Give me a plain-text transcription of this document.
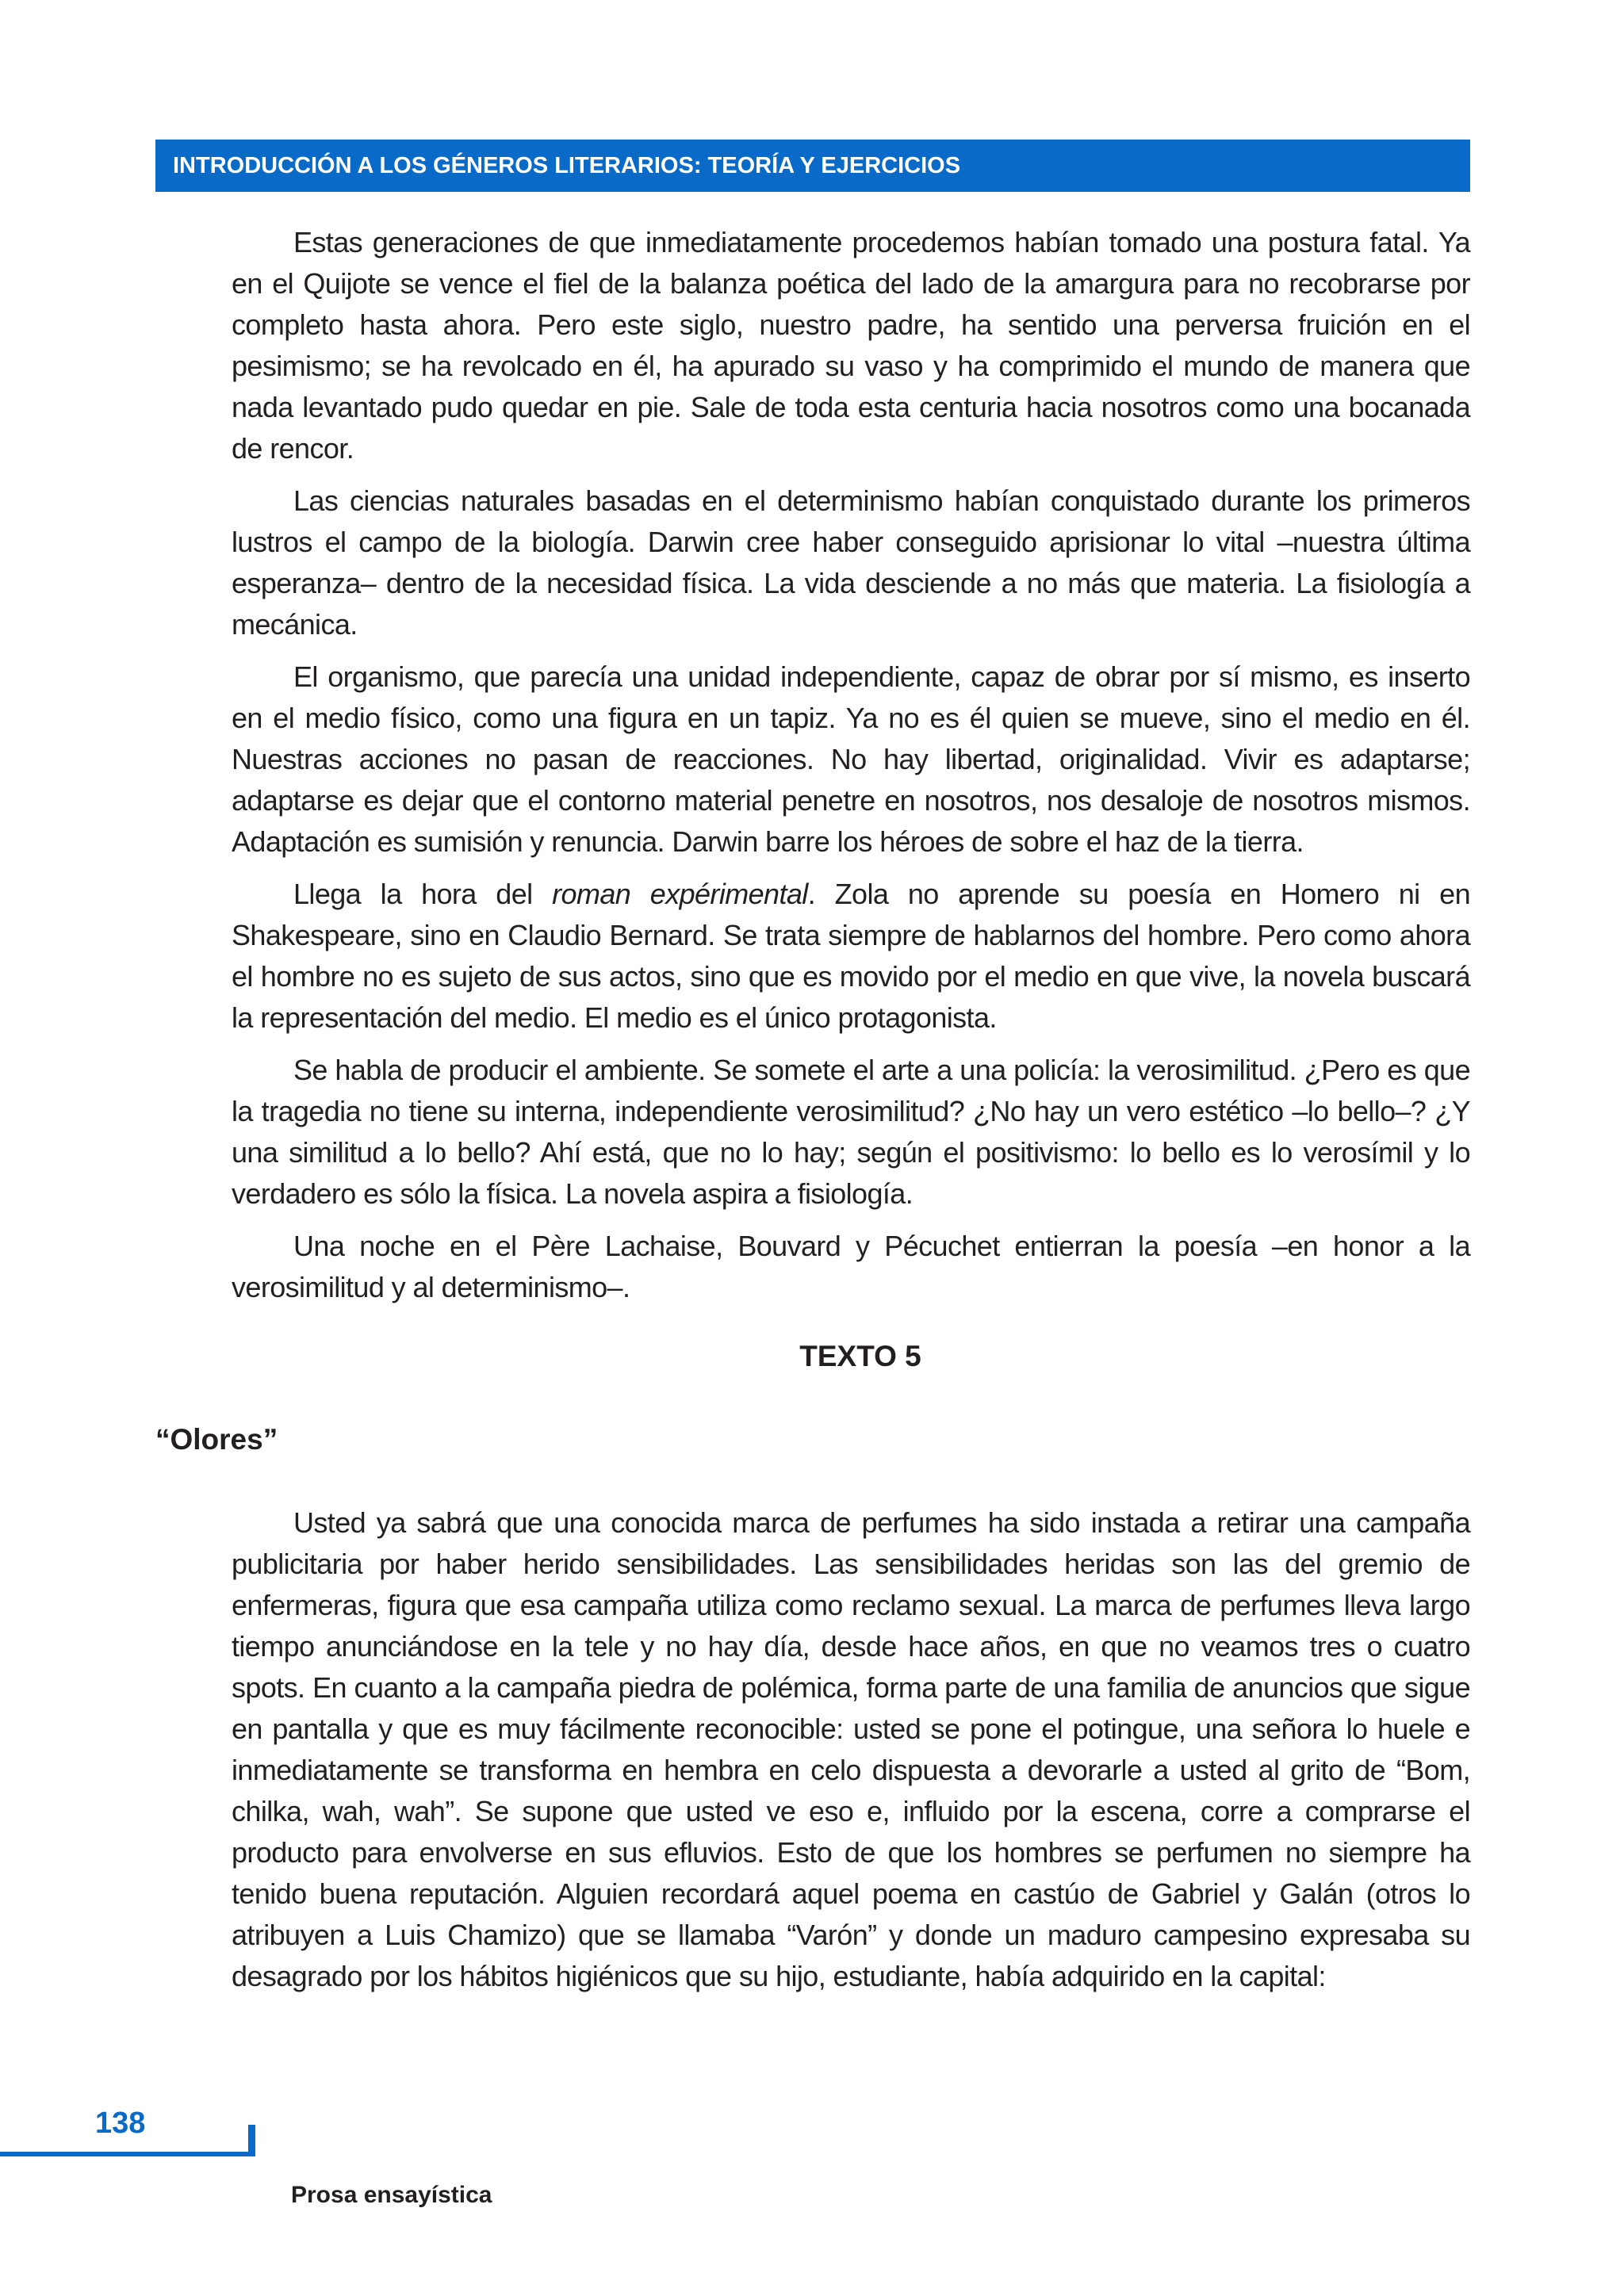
INTRODUCCIÓN A LOS GÉNEROS LITERARIOS: TEORÍA Y EJERCICIOS

Estas generaciones de que inmediatamente procedemos habían tomado una postura fatal. Ya en el Quijote se vence el fiel de la balanza poética del lado de la amargura para no recobrarse por completo hasta ahora. Pero este siglo, nuestro padre, ha sentido una perversa fruición en el pesimismo; se ha revolcado en él, ha apurado su vaso y ha comprimido el mundo de manera que nada levantado pudo quedar en pie. Sale de toda esta centuria hacia nosotros como una bocanada de rencor.

Las ciencias naturales basadas en el determinismo habían conquistado durante los primeros lustros el campo de la biología. Darwin cree haber conseguido aprisionar lo vital –nuestra última esperanza– dentro de la necesidad física. La vida desciende a no más que materia. La fisiología a mecánica.

El organismo, que parecía una unidad independiente, capaz de obrar por sí mismo, es inserto en el medio físico, como una figura en un tapiz. Ya no es él quien se mueve, sino el medio en él. Nuestras acciones no pasan de reacciones. No hay libertad, originalidad. Vivir es adaptarse; adaptarse es dejar que el contorno material penetre en nosotros, nos desaloje de nosotros mismos. Adaptación es sumisión y renuncia. Darwin barre los héroes de sobre el haz de la tierra.

Llega la hora del roman expérimental. Zola no aprende su poesía en Homero ni en Shakespeare, sino en Claudio Bernard. Se trata siempre de hablarnos del hombre. Pero como ahora el hombre no es sujeto de sus actos, sino que es movido por el medio en que vive, la novela buscará la representación del medio. El medio es el único protagonista.

Se habla de producir el ambiente. Se somete el arte a una policía: la verosimilitud. ¿Pero es que la tragedia no tiene su interna, independiente verosimilitud? ¿No hay un vero estético –lo bello–? ¿Y una similitud a lo bello? Ahí está, que no lo hay; según el positivismo: lo bello es lo verosímil y lo verdadero es sólo la física. La novela aspira a fisiología.

Una noche en el Père Lachaise, Bouvard y Pécuchet entierran la poesía –en honor a la verosimilitud y al determinismo–.

TEXTO 5
“Olores”

Usted ya sabrá que una conocida marca de perfumes ha sido instada a retirar una campaña publicitaria por haber herido sensibilidades. Las sensibilidades heridas son las del gremio de enfermeras, figura que esa campaña utiliza como reclamo sexual. La marca de perfumes lleva largo tiempo anunciándose en la tele y no hay día, desde hace años, en que no veamos tres o cuatro spots. En cuanto a la campaña piedra de polémica, forma parte de una familia de anuncios que sigue en pantalla y que es muy fácilmente reconocible: usted se pone el potingue, una señora lo huele e inmediatamente se transforma en hembra en celo dispuesta a devorarle a usted al grito de “Bom, chilka, wah, wah”. Se supone que usted ve eso e, influido por la escena, corre a comprarse el producto para envolverse en sus efluvios. Esto de que los hombres se perfumen no siempre ha tenido buena reputación. Alguien recordará aquel poema en castúo de Gabriel y Galán (otros lo atribuyen a Luis Chamizo) que se llamaba “Varón” y donde un maduro campesino expresaba su desagrado por los hábitos higiénicos que su hijo, estudiante, había adquirido en la capital:

138
Prosa ensayística
